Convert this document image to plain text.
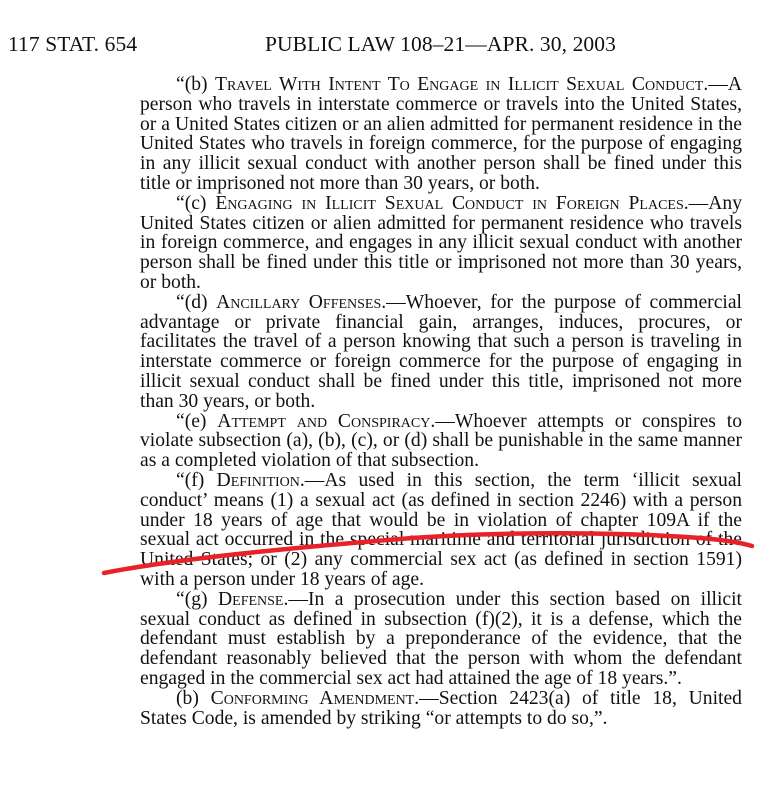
117 STAT. 654	PUBLIC LAW 108–21—APR. 30, 2003

“(b) Travel With Intent To Engage in Illicit Sexual Conduct.—A person who travels in interstate commerce or travels into the United States, or a United States citizen or an alien admitted for permanent residence in the United States who travels in foreign commerce, for the purpose of engaging in any illicit sexual conduct with another person shall be fined under this title or imprisoned not more than 30 years, or both.

“(c) Engaging in Illicit Sexual Conduct in Foreign Places.—Any United States citizen or alien admitted for permanent residence who travels in foreign commerce, and engages in any illicit sexual conduct with another person shall be fined under this title or imprisoned not more than 30 years, or both.

“(d) Ancillary Offenses.—Whoever, for the purpose of commercial advantage or private financial gain, arranges, induces, procures, or facilitates the travel of a person knowing that such a person is traveling in interstate commerce or foreign commerce for the purpose of engaging in illicit sexual conduct shall be fined under this title, imprisoned not more than 30 years, or both.

“(e) Attempt and Conspiracy.—Whoever attempts or conspires to violate subsection (a), (b), (c), or (d) shall be punishable in the same manner as a completed violation of that subsection.

“(f) Definition.—As used in this section, the term ‘illicit sexual conduct’ means (1) a sexual act (as defined in section 2246) with a person under 18 years of age that would be in violation of chapter 109A if the sexual act occurred in the special maritime and territorial jurisdiction of the United States; or (2) any commercial sex act (as defined in section 1591) with a person under 18 years of age.

“(g) Defense.—In a prosecution under this section based on illicit sexual conduct as defined in subsection (f)(2), it is a defense, which the defendant must establish by a preponderance of the evidence, that the defendant reasonably believed that the person with whom the defendant engaged in the commercial sex act had attained the age of 18 years.”.

(b) Conforming Amendment.—Section 2423(a) of title 18, United States Code, is amended by striking “or attempts to do so,”.
